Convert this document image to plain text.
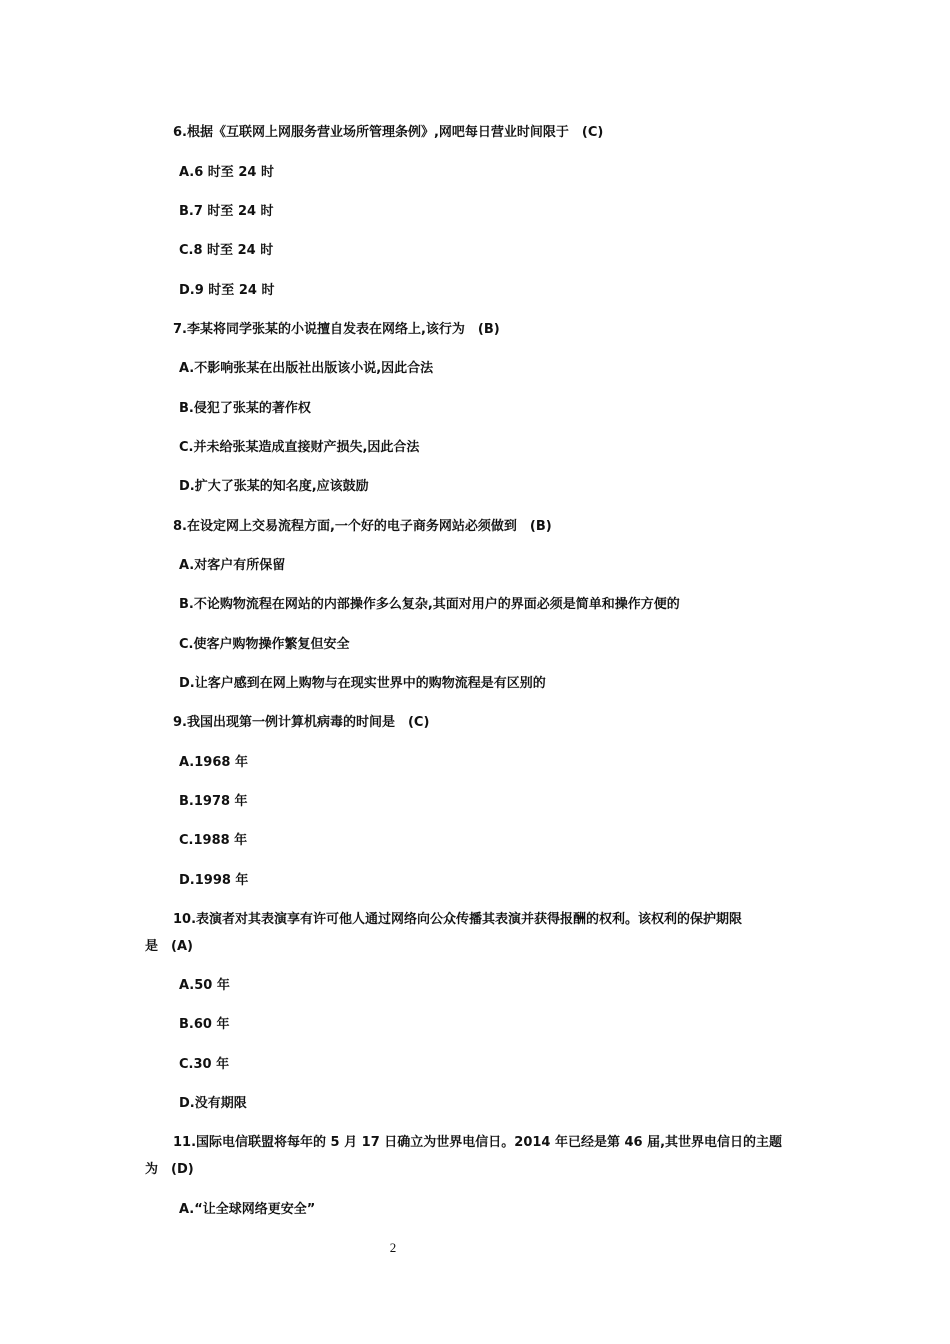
6.根据《互联网上网服务营业场所管理条例》,网吧每日营业时间限于　(C)

A.6 时至 24 时

B.7 时至 24 时

C.8 时至 24 时

D.9 时至 24 时

7.李某将同学张某的小说擅自发表在网络上,该行为　(B)

A.不影响张某在出版社出版该小说,因此合法

B.侵犯了张某的著作权

C.并未给张某造成直接财产损失,因此合法

D.扩大了张某的知名度,应该鼓励

8.在设定网上交易流程方面,一个好的电子商务网站必须做到　(B)

A.对客户有所保留

B.不论购物流程在网站的内部操作多么复杂,其面对用户的界面必须是简单和操作方便的

C.使客户购物操作繁复但安全

D.让客户感到在网上购物与在现实世界中的购物流程是有区别的

9.我国出现第一例计算机病毒的时间是　(C)

A.1968 年

B.1978 年

C.1988 年

D.1998 年

10.表演者对其表演享有许可他人通过网络向公众传播其表演并获得报酬的权利。该权利的保护期限

是　(A)

A.50 年

B.60 年

C.30 年

D.没有期限

11.国际电信联盟将每年的 5 月 17 日确立为世界电信日。2014 年已经是第 46 届,其世界电信日的主题

为　(D)

A.“让全球网络更安全”

2
